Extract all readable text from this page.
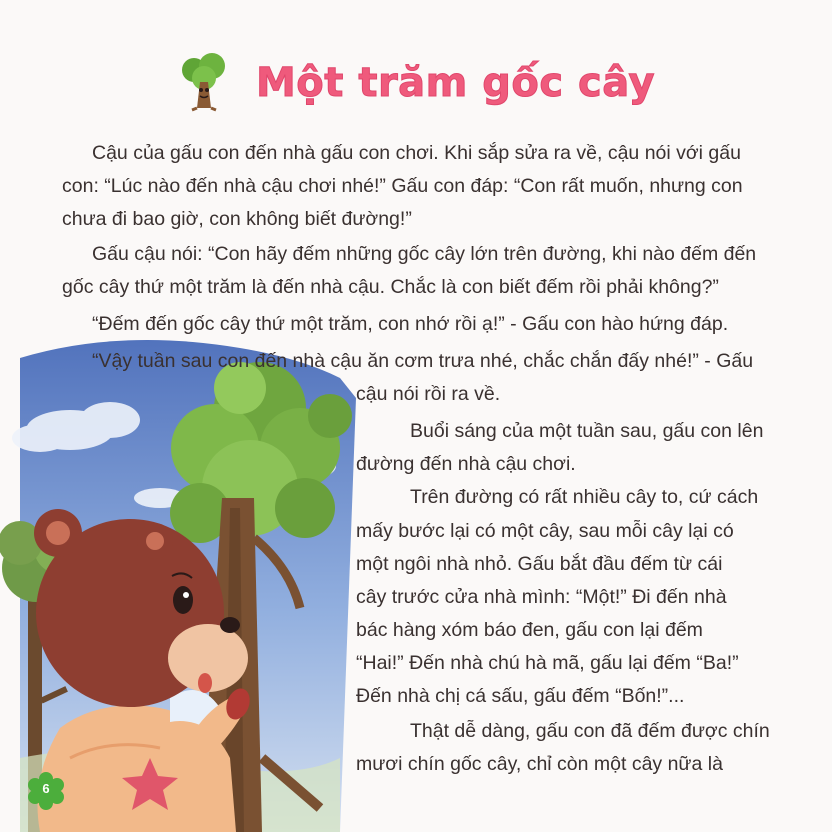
Một trăm gốc cây
Cậu của gấu con đến nhà gấu con chơi. Khi sắp sửa ra về, cậu nói với gấu
con: “Lúc nào đến nhà cậu chơi nhé!” Gấu con đáp: “Con rất muốn, nhưng con
chưa đi bao giờ, con không biết đường!”
Gấu cậu nói: “Con hãy đếm những gốc cây lớn trên đường, khi nào đếm đến
gốc cây thứ một trăm là đến nhà cậu. Chắc là con biết đếm rồi phải không?”
“Đếm đến gốc cây thứ một trăm, con nhớ rồi ạ!” - Gấu con hào hứng đáp.
“Vậy tuần sau con đến nhà cậu ăn cơm trưa nhé, chắc chắn đấy nhé!” - Gấu
cậu nói rồi ra về.
Buổi sáng của một tuần sau, gấu con lên
đường đến nhà cậu chơi.
Trên đường có rất nhiều cây to, cứ cách
mấy bước lại có một cây, sau mỗi cây lại có
một ngôi nhà nhỏ. Gấu bắt đầu đếm từ cái
cây trước cửa nhà mình: “Một!” Đi đến nhà
bác hàng xóm báo đen, gấu con lại đếm
“Hai!” Đến nhà chú hà mã, gấu lại đếm “Ba!”
Đến nhà chị cá sấu, gấu đếm “Bốn!”...
Thật dễ dàng, gấu con đã đếm được chín
mươi chín gốc cây, chỉ còn một cây nữa là
6
